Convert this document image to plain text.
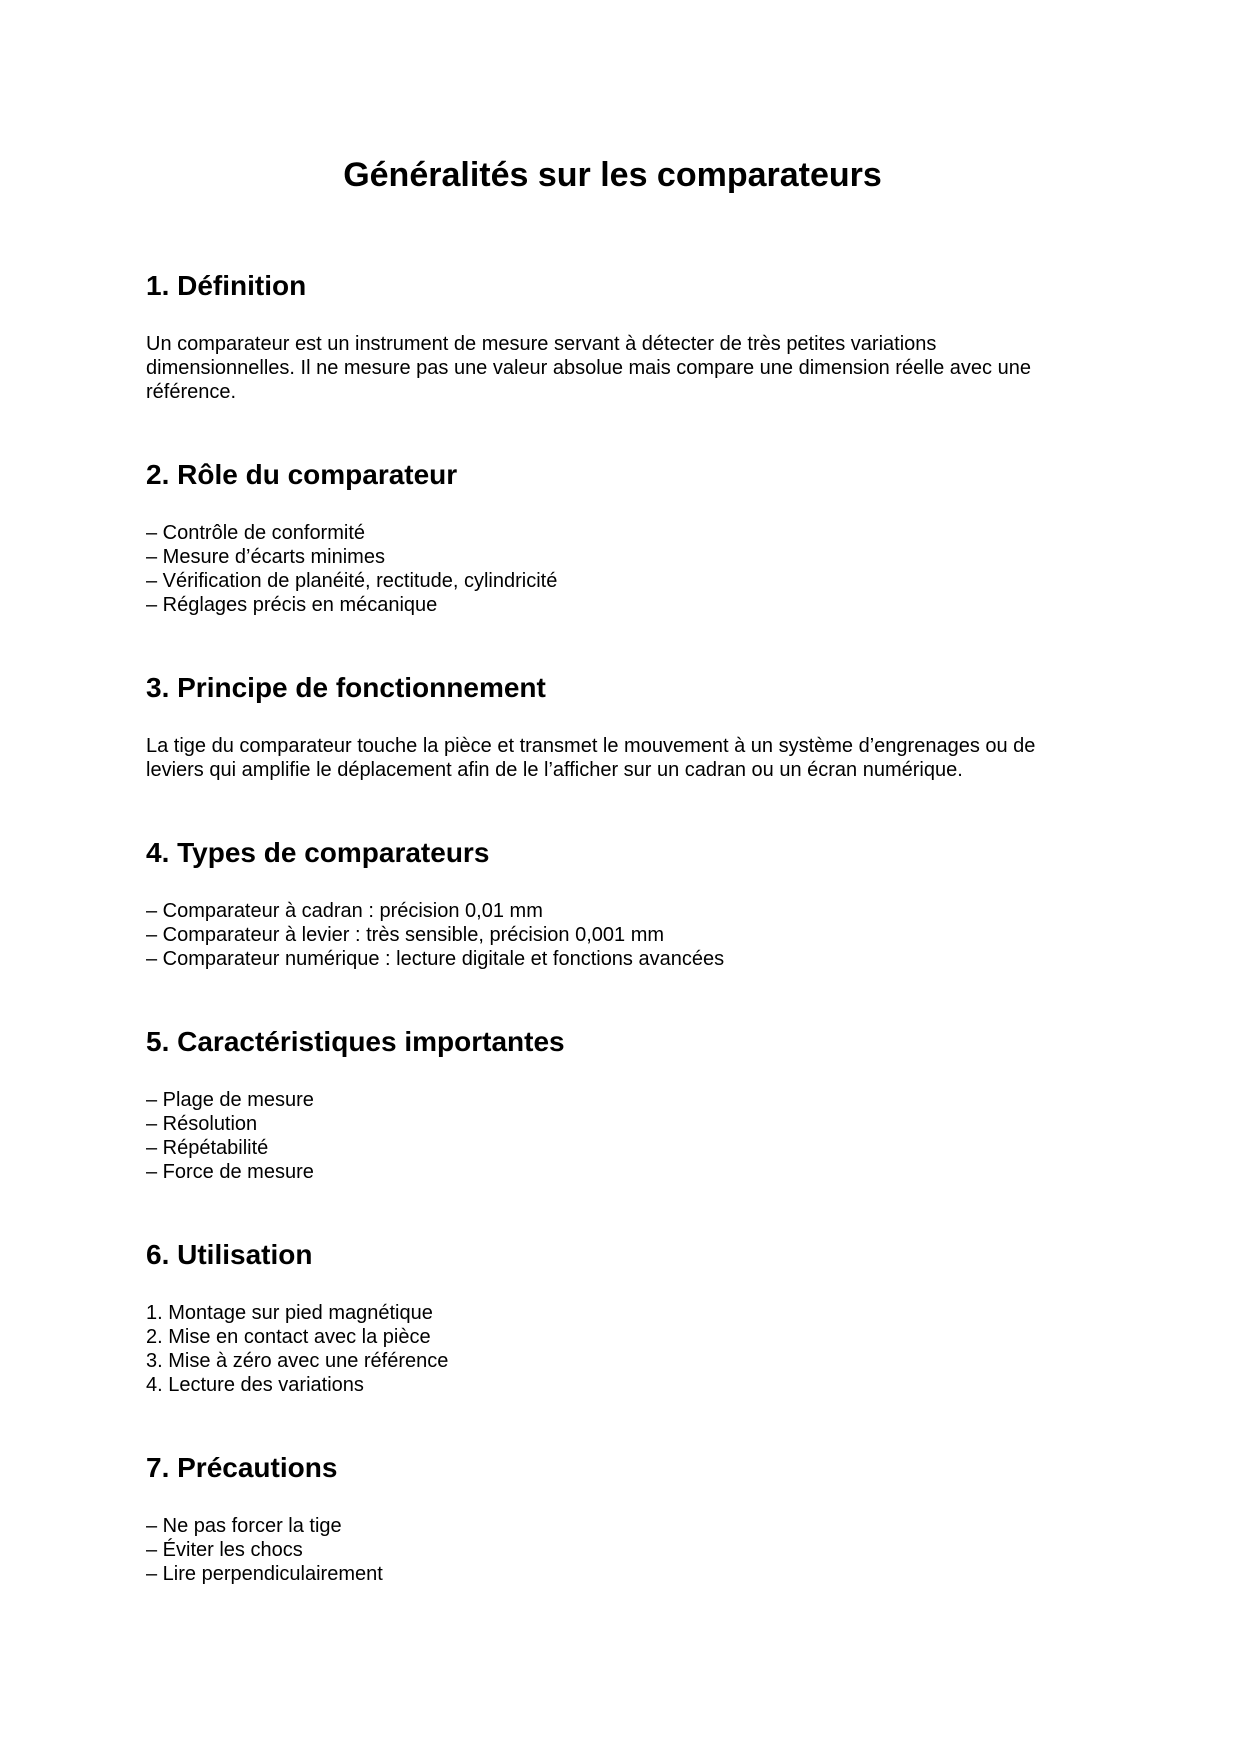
Généralités sur les comparateurs
1. Définition

Un comparateur est un instrument de mesure servant à détecter de très petites variations dimensionnelles. Il ne mesure pas une valeur absolue mais compare une dimension réelle avec une référence.

2. Rôle du comparateur
– Contrôle de conformité
– Mesure d’écarts minimes
– Vérification de planéité, rectitude, cylindricité
– Réglages précis en mécanique
3. Principe de fonctionnement

La tige du comparateur touche la pièce et transmet le mouvement à un système d’engrenages ou de leviers qui amplifie le déplacement afin de le l’afficher sur un cadran ou un écran numérique.

4. Types de comparateurs
– Comparateur à cadran : précision 0,01 mm
– Comparateur à levier : très sensible, précision 0,001 mm
– Comparateur numérique : lecture digitale et fonctions avancées
5. Caractéristiques importantes
– Plage de mesure
– Résolution
– Répétabilité
– Force de mesure
6. Utilisation
1. Montage sur pied magnétique
2. Mise en contact avec la pièce
3. Mise à zéro avec une référence
4. Lecture des variations
7. Précautions
– Ne pas forcer la tige
– Éviter les chocs
– Lire perpendiculairement
